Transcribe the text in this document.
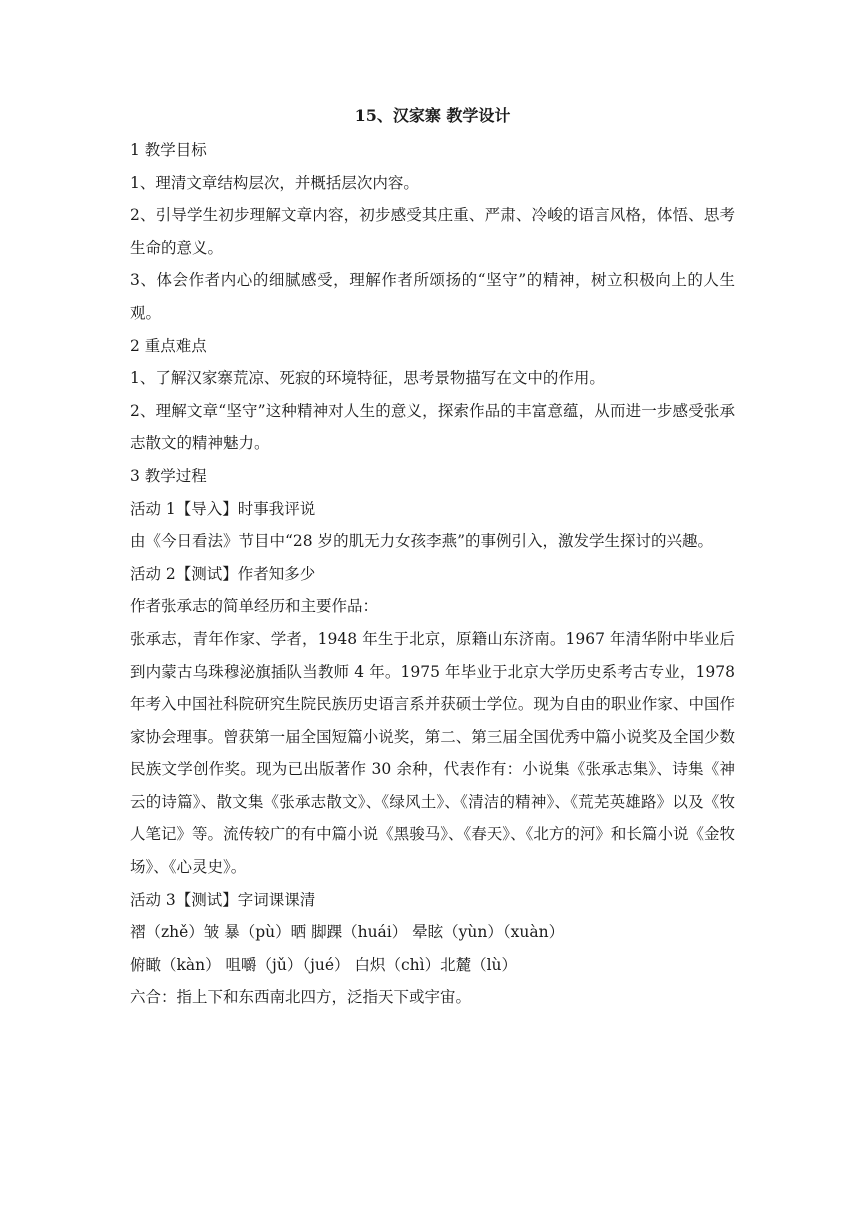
15、汉家寨 教学设计

1 教学目标

1、理清文章结构层次，并概括层次内容。

2、引导学生初步理解文章内容，初步感受其庄重、严肃、冷峻的语言风格，体悟、思考生命的意义。

3、体会作者内心的细腻感受，理解作者所颂扬的“坚守”的精神，树立积极向上的人生观。

2 重点难点

1、了解汉家寨荒凉、死寂的环境特征，思考景物描写在文中的作用。

2、理解文章“坚守”这种精神对人生的意义，探索作品的丰富意蕴，从而进一步感受张承志散文的精神魅力。

3 教学过程

活动 1【导入】时事我评说

由《今日看法》节目中“28 岁的肌无力女孩李燕”的事例引入，激发学生探讨的兴趣。

活动 2【测试】作者知多少

作者张承志的简单经历和主要作品：

张承志，青年作家、学者，1948 年生于北京，原籍山东济南。1967 年清华附中毕业后到内蒙古乌珠穆泌旗插队当教师 4 年。1975 年毕业于北京大学历史系考古专业，1978 年考入中国社科院研究生院民族历史语言系并获硕士学位。现为自由的职业作家、中国作家协会理事。曾获第一届全国短篇小说奖，第二、第三届全国优秀中篇小说奖及全国少数民族文学创作奖。现为已出版著作 30 余种，代表作有：小说集《张承志集》、诗集《神云的诗篇》、散文集《张承志散文》、《绿风土》、《清洁的精神》、《荒芜英雄路》以及《牧人笔记》等。流传较广的有中篇小说《黑骏马》、《春天》、《北方的河》和长篇小说《金牧场》、《心灵史》。

活动 3【测试】字词课课清

褶（zhě）皱 暴（pù）晒 脚踝（huái） 晕眩（yùn）（xuàn）

俯瞰（kàn） 咀嚼（jǔ）（jué） 白炽（chì）北麓（lù）

六合：指上下和东西南北四方，泛指天下或宇宙。
